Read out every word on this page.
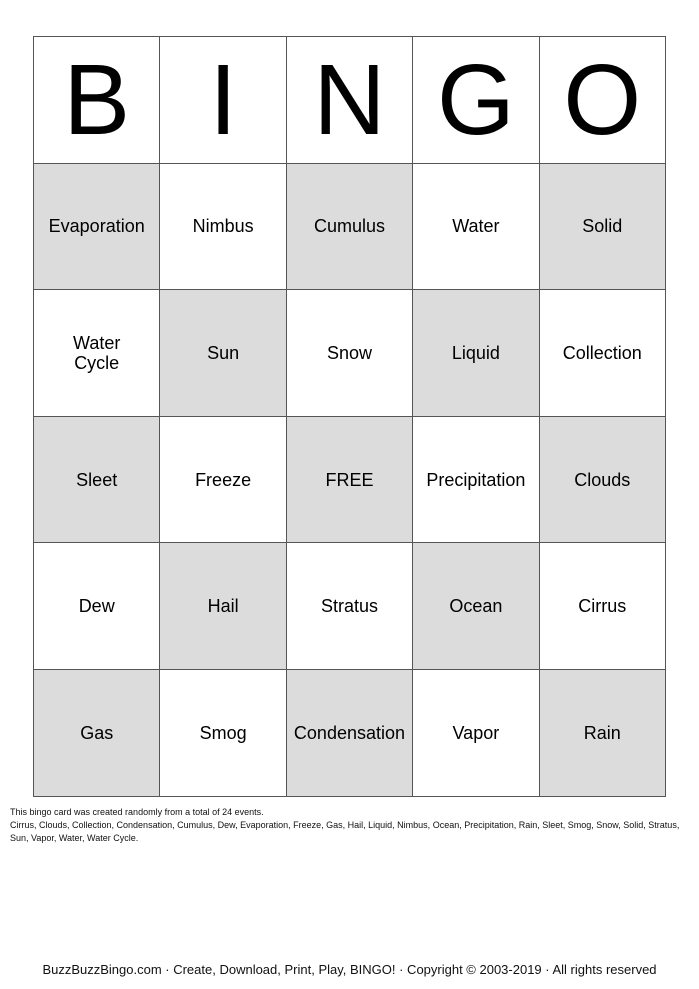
B	I	N	G	O
Evaporation	Nimbus	Cumulus	Water	Solid
Water Cycle	Sun	Snow	Liquid	Collection
Sleet	Freeze	FREE	Precipitation	Clouds
Dew	Hail	Stratus	Ocean	Cirrus
Gas	Smog	Condensation	Vapor	Rain
This bingo card was created randomly from a total of 24 events.
Cirrus, Clouds, Collection, Condensation, Cumulus, Dew, Evaporation, Freeze, Gas, Hail, Liquid, Nimbus, Ocean, Precipitation, Rain, Sleet, Smog, Snow, Solid, Stratus, Sun, Vapor, Water, Water Cycle.
BuzzBuzzBingo.com · Create, Download, Print, Play, BINGO! · Copyright © 2003-2019 · All rights reserved
